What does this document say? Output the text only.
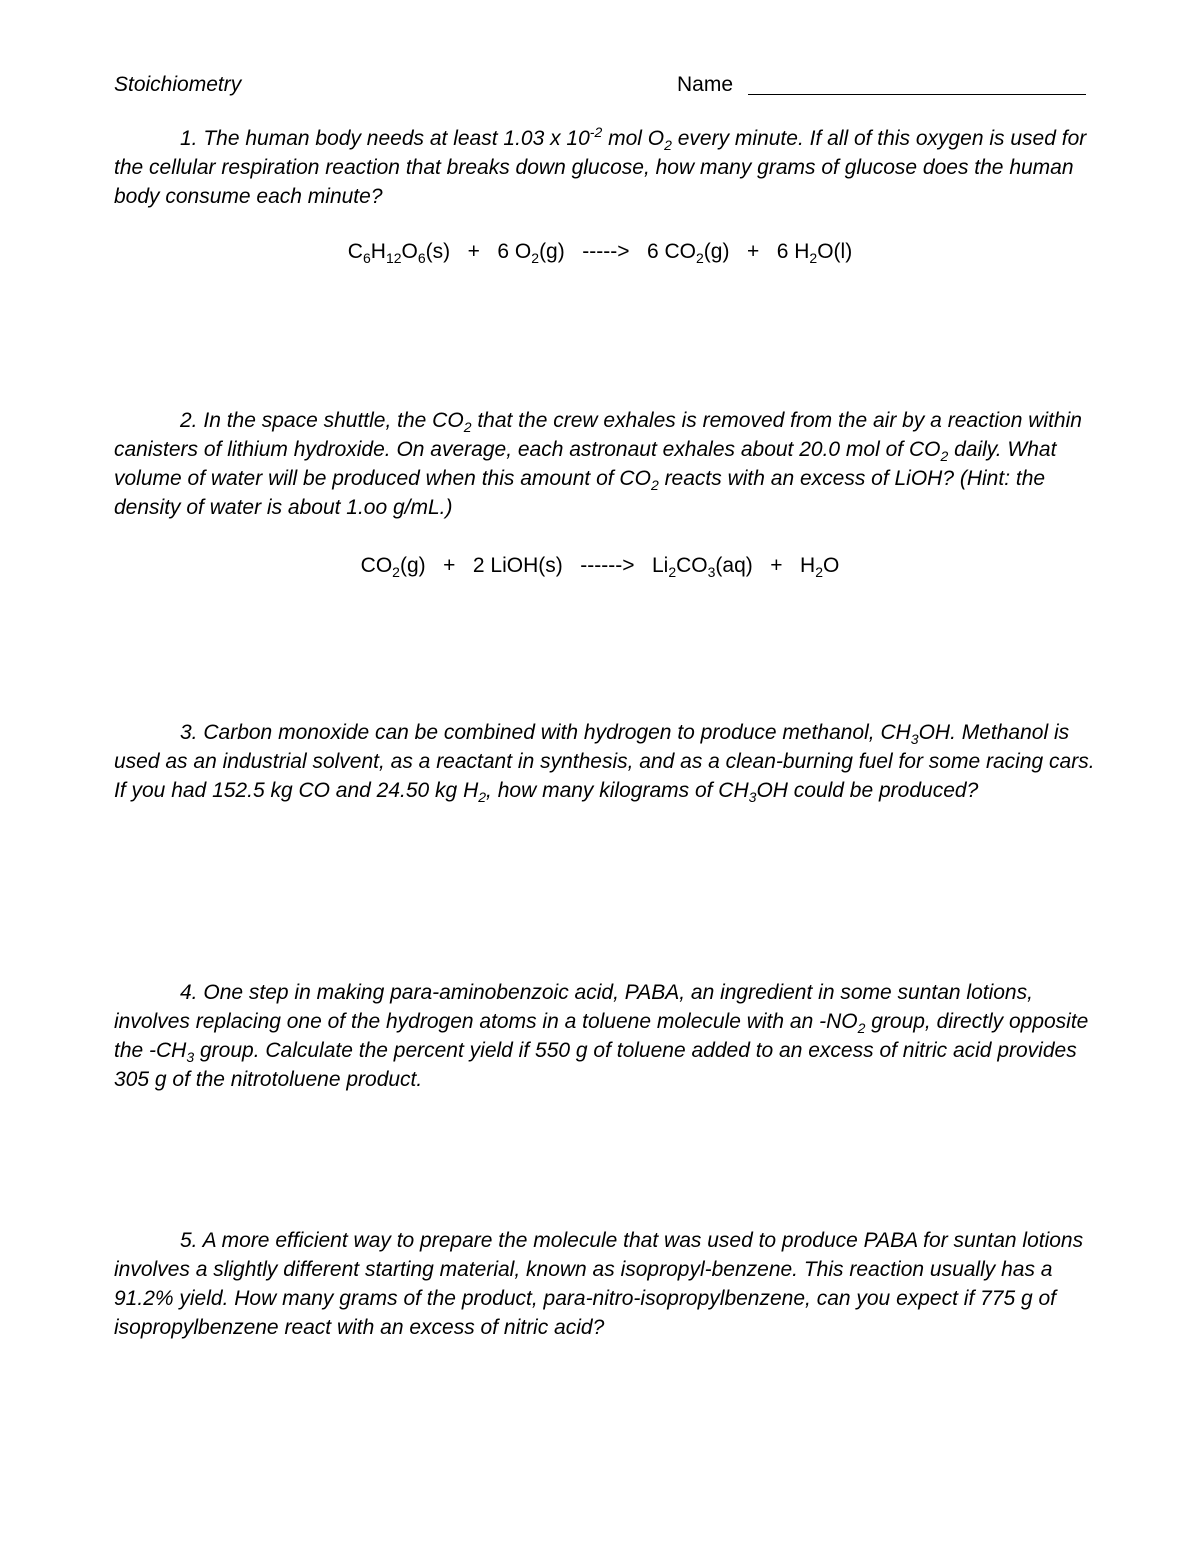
Stoichiometry	Name

1. The human body needs at least 1.03 x $10^{-2}$ mol $O_2$ every minute. If all of this oxygen is used for the cellular respiration reaction that breaks down glucose, how many grams of glucose does the human body consume each minute?

$C_6H_{12}O_6(s) + 6$ $O_2(g)$   ----->   6 $CO_2(g) + 6$ $H_2O(l)$

2. In the space shuttle, the $CO_2$ that the crew exhales is removed from the air by a reaction within canisters of lithium hydroxide. On average, each astronaut exhales about 20.0 mol of $CO_2$ daily. What volume of water will be produced when this amount of $CO_2$ reacts with an excess of LiOH? (Hint: the density of water is about 1.oo g/mL.)

$CO_2(g) + 2$ LiOH(s)   ------>   $Li_2CO_3(aq) + H_2O$

3. Carbon monoxide can be combined with hydrogen to produce methanol, $CH_3OH$. Methanol is used as an industrial solvent, as a reactant in synthesis, and as a clean-burning fuel for some racing cars. If you had 152.5 kg CO and 24.50 kg $H_2$, how many kilograms of $CH_3OH$ could be produced?

4. One step in making para-aminobenzoic acid, PABA, an ingredient in some suntan lotions, involves replacing one of the hydrogen atoms in a toluene molecule with an $-NO_2$ group, directly opposite the $-CH_3$ group. Calculate the percent yield if 550 g of toluene added to an excess of nitric acid provides 305 g of the nitrotoluene product.

5. A more efficient way to prepare the molecule that was used to produce PABA for suntan lotions involves a slightly different starting material, known as isopropyl-benzene. This reaction usually has a 91.2% yield. How many grams of the product, para-nitro-isopropylbenzene, can you expect if 775 g of isopropylbenzene react with an excess of nitric acid?
